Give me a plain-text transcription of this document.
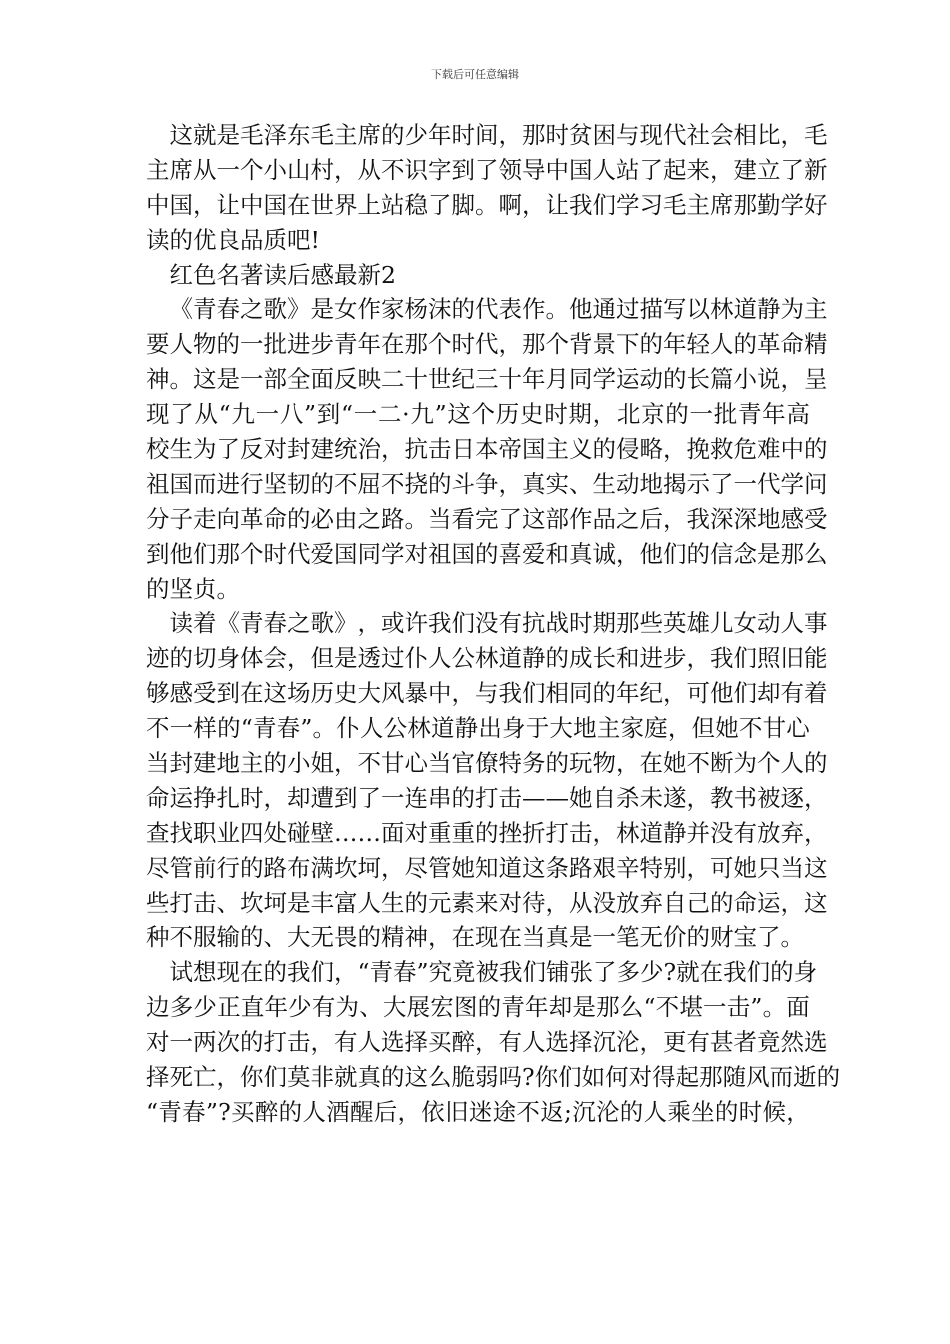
下载后可任意编辑

这 就 是 毛 泽 东 毛 主 席 的 少 年 时 间 ， 那 时 贫 困 与 现 代 社 会 相 比 ， 毛
主 席 从 一 个 小 山 村 ， 从 不 识 字 到 了 领 导 中 国 人 站 了 起 来 ， 建 立 了 新
中 国 ， 让 中 国 在 世 界 上 站 稳 了 脚 。 啊 ， 让 我 们 学 习 毛 主 席 那 勤 学 好
读的优良品质吧!
　红色名著读后感最新2

《 青 春 之 歌 》 是 女 作 家 杨 沫 的 代 表 作 。 他 通 过 描 写 以 林 道 静 为 主
要 人 物 的 一 批 进 步 青 年 在 那 个 时 代 ， 那 个 背 景 下 的 年 轻 人 的 革 命 精
神 。 这 是 一 部 全 面 反 映 二 十 世 纪 三 十 年 月 同 学 运 动 的 长 篇 小 说 ， 呈
现 了 从 “ 九 一 八 ” 到 “ 一 二 · 九 ” 这 个 历 史 时 期 ， 北 京 的 一 批 青 年 高
校 生 为 了 反 对 封 建 统 治 ， 抗 击 日 本 帝 国 主 义 的 侵 略 ， 挽 救 危 难 中 的
祖 国 而 进 行 坚 韧 的 不 屈 不 挠 的 斗 争 ， 真 实 、 生 动 地 揭 示 了 一 代 学 问
分 子 走 向 革 命 的 必 由 之 路 。 当 看 完 了 这 部 作 品 之 后 ， 我 深 深 地 感 受
到 他 们 那 个 时 代 爱 国 同 学 对 祖 国 的 喜 爱 和 真 诚 ， 他 们 的 信 念 是 那 么
的坚贞。

读 着 《 青 春 之 歌 》 ， 或 许 我 们 没 有 抗 战 时 期 那 些 英 雄 儿 女 动 人 事
迹 的 切 身 体 会 ， 但 是 透 过 仆 人 公 林 道 静 的 成 长 和 进 步 ， 我 们 照 旧 能
够 感 受 到 在 这 场 历 史 大 风 暴 中 ， 与 我 们 相 同 的 年 纪 ， 可 他 们 却 有 着
不 一 样 的 “ 青 春 ” 。 仆 人 公 林 道 静 出 身 于 大 地 主 家 庭 ， 但 她 不 甘 心
当 封 建 地 主 的 小 姐 ， 不 甘 心 当 官 僚 特 务 的 玩 物 ， 在 她 不 断 为 个 人 的
命 运 挣 扎 时 ， 却 遭 到 了 一 连 串 的 打 击 — — 她 自 杀 未 遂 ， 教 书 被 逐 ，
查 找 职 业 四 处 碰 壁 … … 面 对 重 重 的 挫 折 打 击 ， 林 道 静 并 没 有 放 弃 ，
尽 管 前 行 的 路 布 满 坎 坷 ， 尽 管 她 知 道 这 条 路 艰 辛 特 别 ， 可 她 只 当 这
些 打 击 、 坎 坷 是 丰 富 人 生 的 元 素 来 对 待 ， 从 没 放 弃 自 己 的 命 运 ， 这
种不服输的、大无畏的精神，在现在当真是一笔无价的财宝了。

试 想 现 在 的 我 们 ， “ 青 春 ” 究 竟 被 我 们 铺 张 了 多 少 ? 就 在 我 们 的 身
边 多 少 正 直 年 少 有 为 、 大 展 宏 图 的 青 年 却 是 那 么 “ 不 堪 一 击 ” 。 面
对 一 两 次 的 打 击 ， 有 人 选 择 买 醉 ， 有 人 选 择 沉 沦 ， 更 有 甚 者 竟 然 选
择 死 亡 ， 你 们 莫 非 就 真 的 这 么 脆 弱 吗 ? 你 们 如 何 对 得 起 那 随 风 而 逝 的
“ 青 春 ” ? 买 醉 的 人 酒 醒 后 ， 依 旧 迷 途 不 返 ; 沉 沦 的 人 乘 坐 的 时 候 ，
